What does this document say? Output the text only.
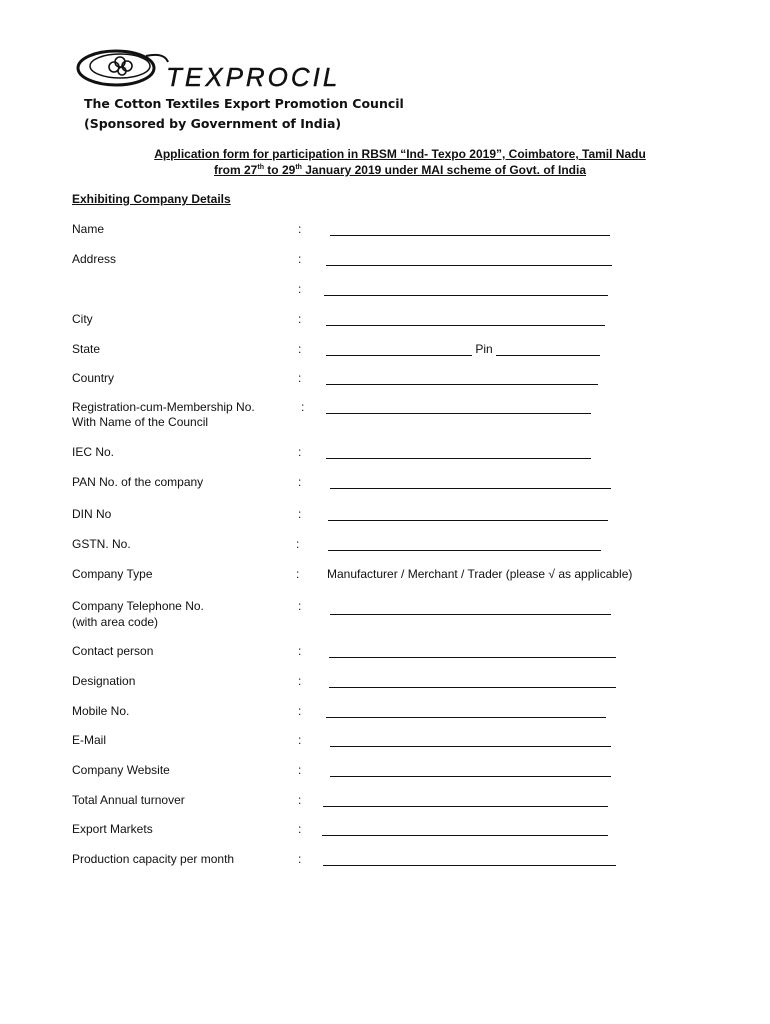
TEXPROCIL
The Cotton Textiles Export Promotion Council
(Sponsored by Government of India)
Application form for participation in RBSM “Ind- Texpo 2019”, Coimbatore, Tamil Nadu
from 27th to 29th January 2019 under MAI scheme of Govt. of India
Exhibiting Company Details
Name	:
Address	:
:
City	:
State	:	Pin
Country	:
Registration-cum-Membership No.
With Name of the Council
:
IEC No.	:
PAN No. of the company	:
DIN No	:
GSTN. No.	:
Company Type	: Manufacturer / Merchant / Trader (please √ as applicable)
Company Telephone No.
(with area code)
:
Contact person	:
Designation	:
Mobile No.	:
E-Mail	:
Company Website	:
Total Annual turnover	:
Export Markets	:
Production capacity per month	:
